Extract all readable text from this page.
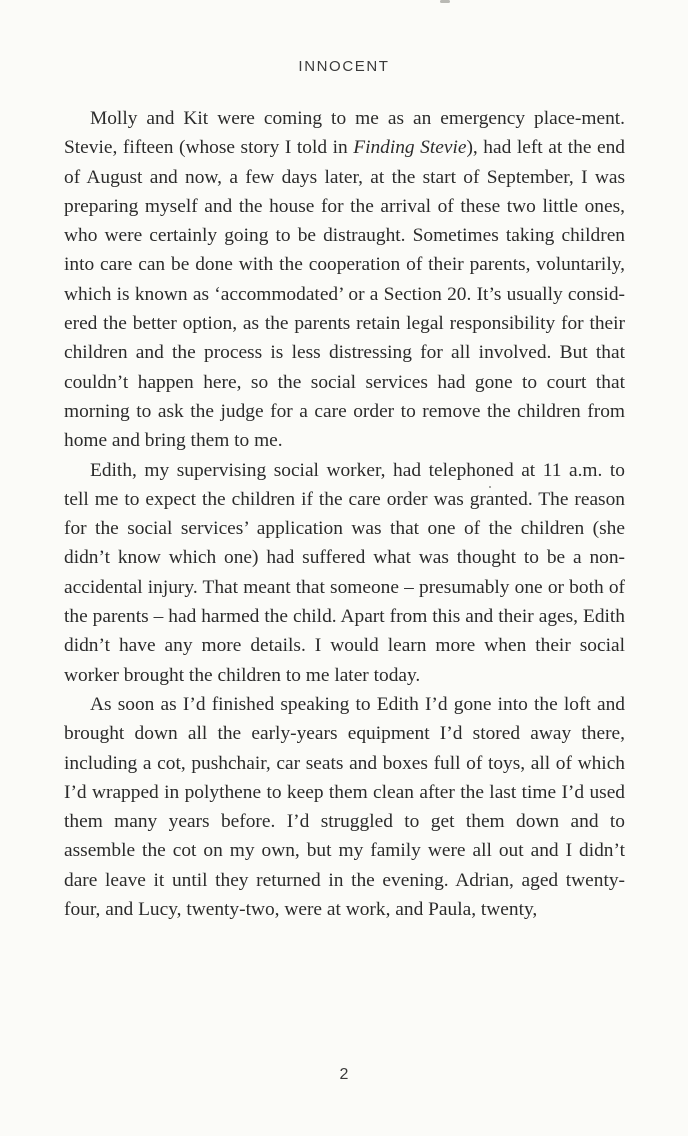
INNOCENT

Molly and Kit were coming to me as an emergency place-ment. Stevie, fifteen (whose story I told in Finding Stevie), had left at the end of August and now, a few days later, at the start of September, I was preparing myself and the house for the arrival of these two little ones, who were certainly going to be distraught. Sometimes taking children into care can be done with the cooperation of their parents, voluntarily, which is known as ‘accommodated’ or a Section 20. It’s usually consid-ered the better option, as the parents retain legal responsibility for their children and the process is less distressing for all involved. But that couldn’t happen here, so the social services had gone to court that morning to ask the judge for a care order to remove the children from home and bring them to me.

Edith, my supervising social worker, had telephoned at 11 a.m. to tell me to expect the children if the care order was granted. The reason for the social services’ application was that one of the children (she didn’t know which one) had suffered what was thought to be a non-accidental injury. That meant that someone – presumably one or both of the parents – had harmed the child. Apart from this and their ages, Edith didn’t have any more details. I would learn more when their social worker brought the children to me later today.

As soon as I’d finished speaking to Edith I’d gone into the loft and brought down all the early-years equipment I’d stored away there, including a cot, pushchair, car seats and boxes full of toys, all of which I’d wrapped in polythene to keep them clean after the last time I’d used them many years before. I’d struggled to get them down and to assemble the cot on my own, but my family were all out and I didn’t dare leave it until they returned in the evening. Adrian, aged twenty-four, and Lucy, twenty-two, were at work, and Paula, twenty,

2
